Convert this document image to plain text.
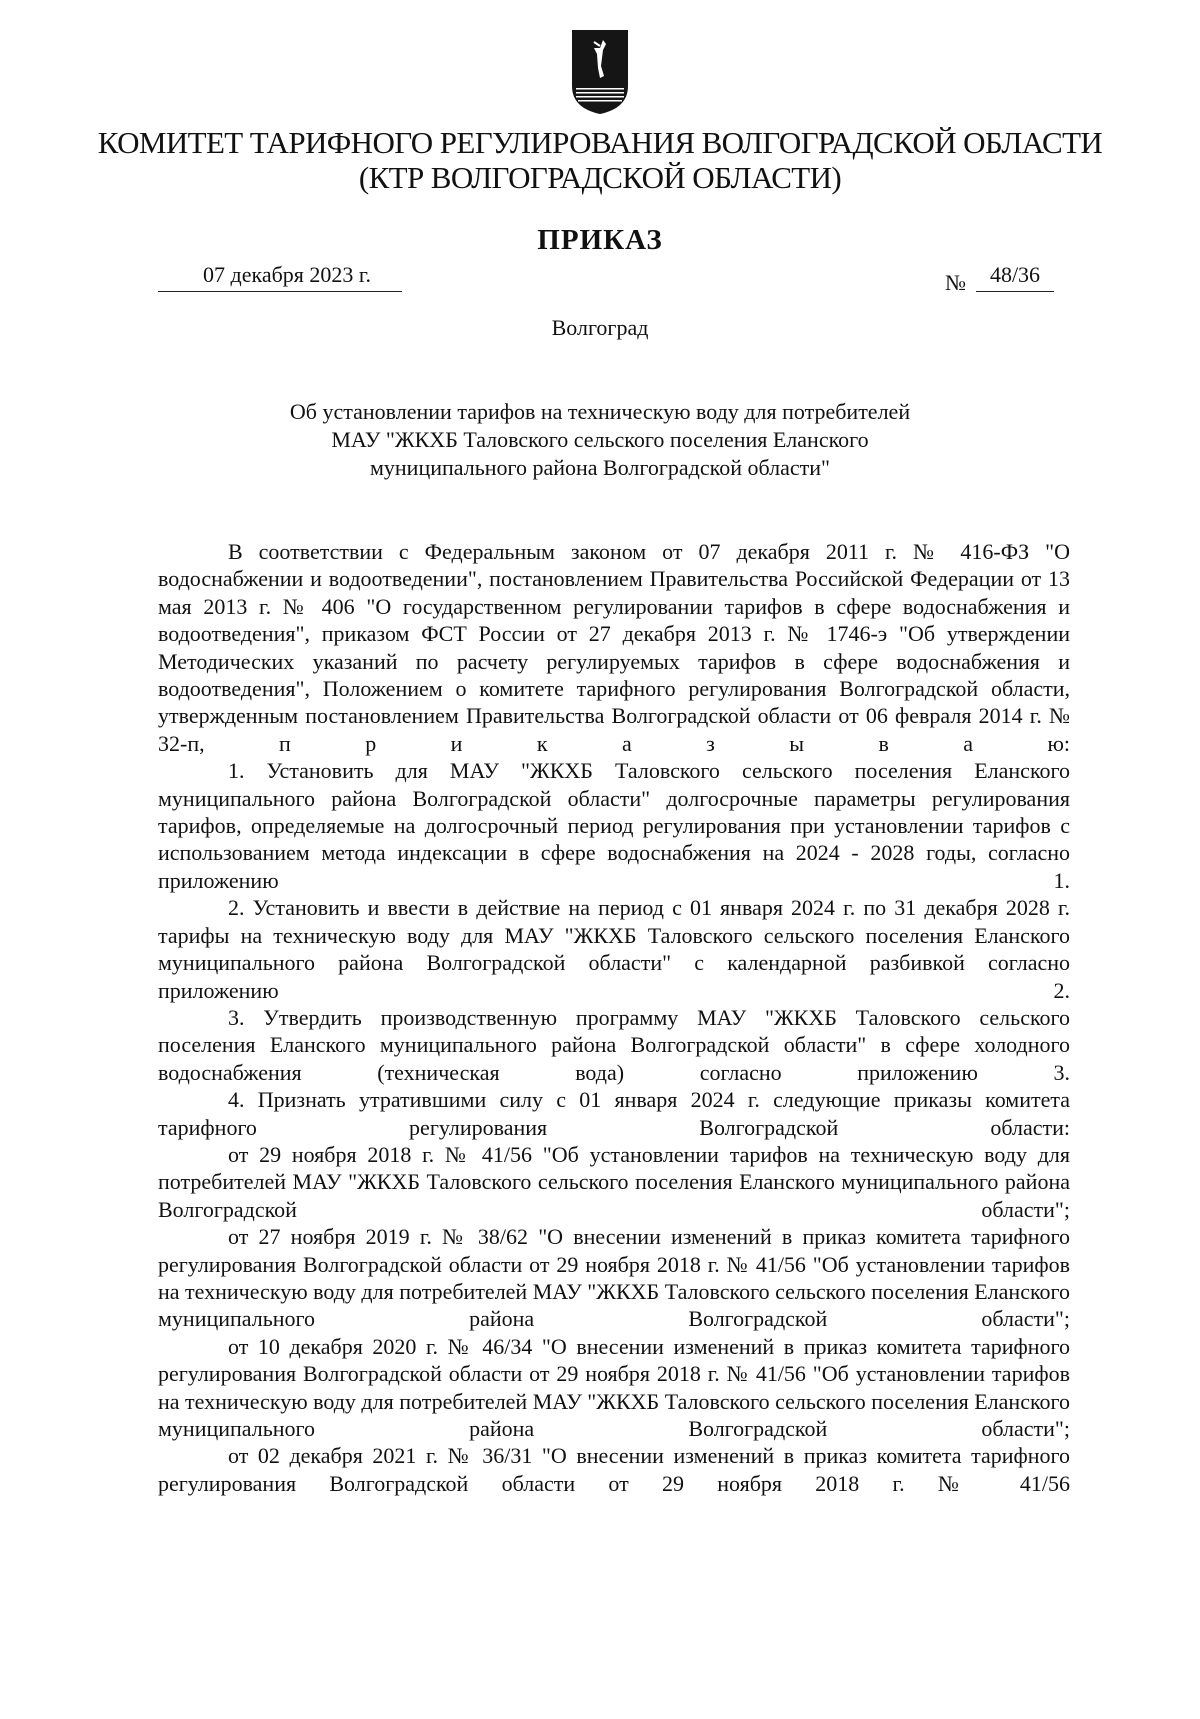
КОМИТЕТ ТАРИФНОГО РЕГУЛИРОВАНИЯ ВОЛГОГРАДСКОЙ ОБЛАСТИ
(КТР ВОЛГОГРАДСКОЙ ОБЛАСТИ)
ПРИКАЗ
07 декабря 2023 г.	№	48/36
Волгоград
Об установлении тарифов на техническую воду для потребителей
МАУ "ЖКХБ Таловского сельского поселения Еланского
муниципального района Волгоградской области"

В соответствии с Федеральным законом от 07 декабря 2011 г. № 416-ФЗ "О водоснабжении и водоотведении", постановлением Правительства Российской Федерации от 13 мая 2013 г. № 406 "О государственном регулировании тарифов в сфере водоснабжения и водоотведения", приказом ФСТ России от 27 декабря 2013 г. № 1746-э "Об утверждении Методических указаний по расчету регулируемых тарифов в сфере водоснабжения и водоотведения", Положением о комитете тарифного регулирования Волгоградской области, утвержденным постановлением Правительства Волгоградской области от 06 февраля 2014 г. № 32-п, п р и к а з ы в а ю:

1. Установить для МАУ "ЖКХБ Таловского сельского поселения Еланского муниципального района Волгоградской области" долгосрочные параметры регулирования тарифов, определяемые на долгосрочный период регулирования при установлении тарифов с использованием метода индексации в сфере водоснабжения на 2024 - 2028 годы, согласно приложению 1.

2. Установить и ввести в действие на период с 01 января 2024 г. по 31 декабря 2028 г. тарифы на техническую воду для МАУ "ЖКХБ Таловского сельского поселения Еланского муниципального района Волгоградской области" с календарной разбивкой согласно приложению 2.

3. Утвердить производственную программу МАУ "ЖКХБ Таловского сельского поселения Еланского муниципального района Волгоградской области" в сфере холодного водоснабжения (техническая вода) согласно приложению 3.

4. Признать утратившими силу с 01 января 2024 г. следующие приказы комитета тарифного регулирования Волгоградской области:

от 29 ноября 2018 г. № 41/56 "Об установлении тарифов на техническую воду для потребителей МАУ "ЖКХБ Таловского сельского поселения Еланского муниципального района Волгоградской области";

от 27 ноября 2019 г. № 38/62 "О внесении изменений в приказ комитета тарифного регулирования Волгоградской области от 29 ноября 2018 г. № 41/56 "Об установлении тарифов на техническую воду для потребителей МАУ "ЖКХБ Таловского сельского поселения Еланского муниципального района Волгоградской области";

от 10 декабря 2020 г. № 46/34 "О внесении изменений в приказ комитета тарифного регулирования Волгоградской области от 29 ноября 2018 г. № 41/56 "Об установлении тарифов на техническую воду для потребителей МАУ "ЖКХБ Таловского сельского поселения Еланского муниципального района Волгоградской области";

от 02 декабря 2021 г. № 36/31 "О внесении изменений в приказ комитета тарифного регулирования Волгоградской области от 29 ноября 2018 г. № 41/56
